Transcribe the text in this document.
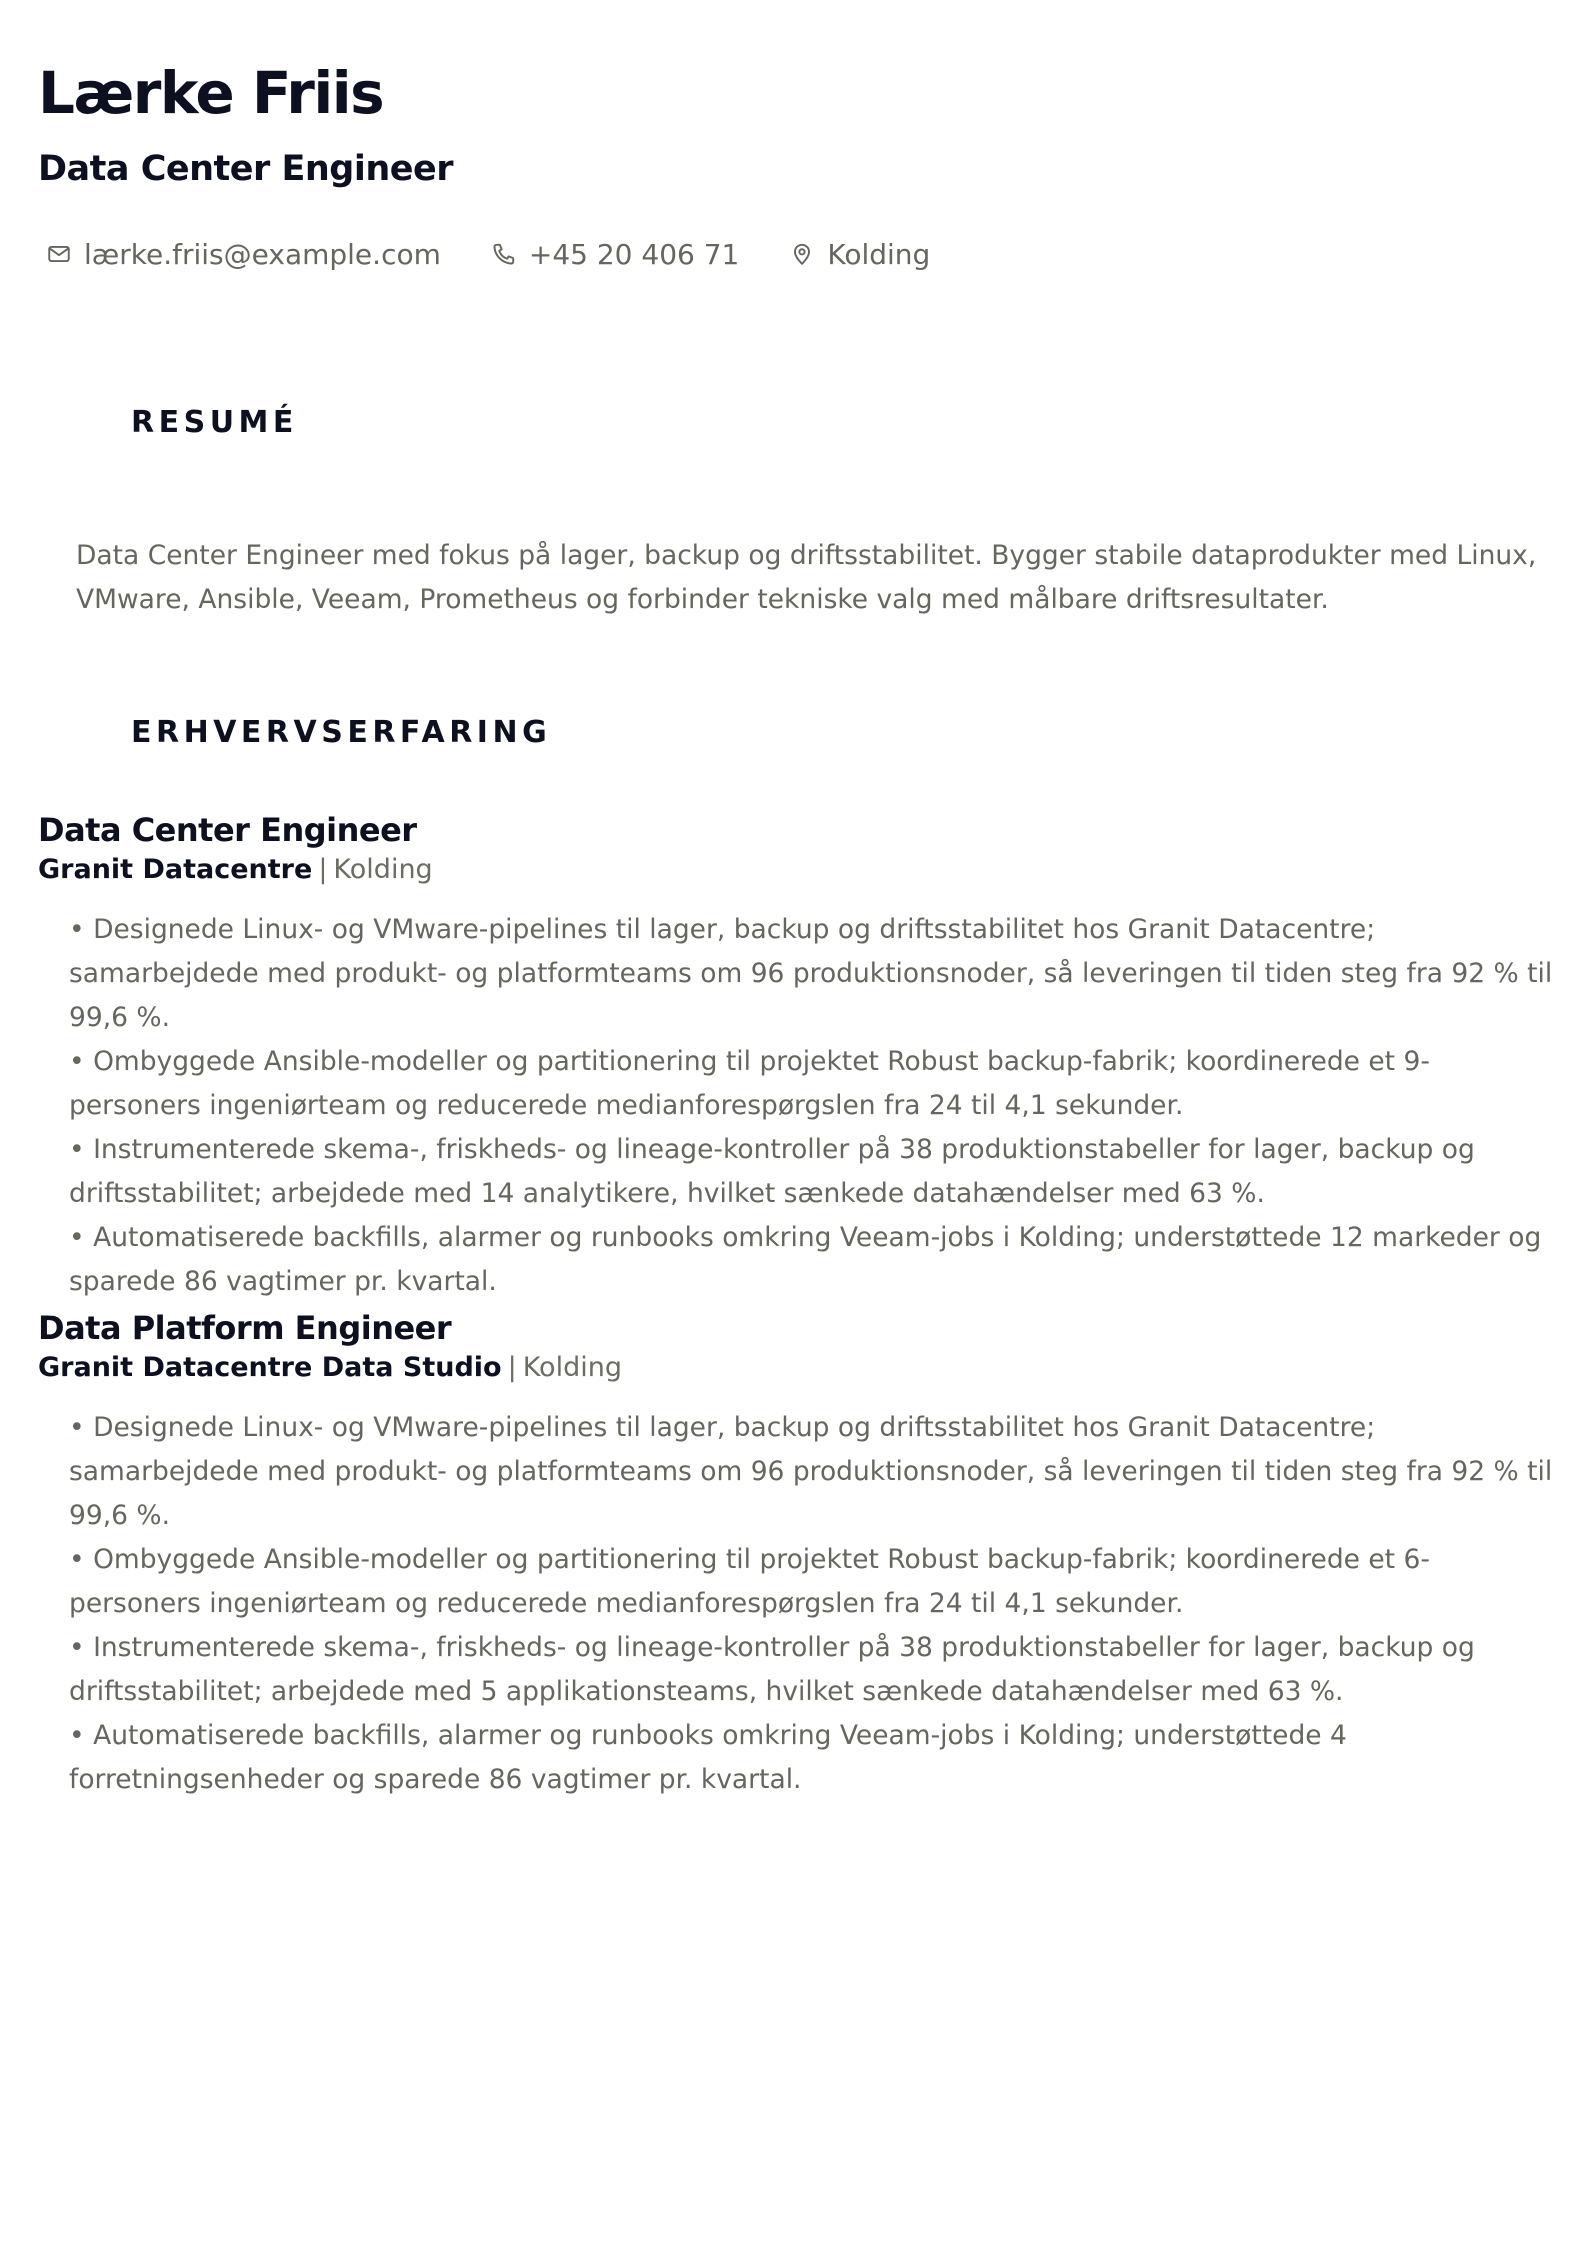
Lærke Friis
Data Center Engineer
lærke.friis@example.com	+45 20 406 71	Kolding
RESUMÉ

Data Center Engineer med fokus på lager, backup og driftsstabilitet. Bygger stabile dataprodukter med Linux, VMware, Ansible, Veeam, Prometheus og forbinder tekniske valg med målbare driftsresultater.

ERHVERVSERFARING
Data Center Engineer
Granit Datacentre | Kolding
• Designede Linux- og VMware-pipelines til lager, backup og driftsstabilitet hos Granit Datacentre; samarbejdede med produkt- og platformteams om 96 produktionsnoder, så leveringen til tiden steg fra 92 % til 99,6 %.
• Ombyggede Ansible-modeller og partitionering til projektet Robust backup-fabrik; koordinerede et 9-personers ingeniørteam og reducerede medianforespørgslen fra 24 til 4,1 sekunder.
• Instrumenterede skema-, friskheds- og lineage-kontroller på 38 produktionstabeller for lager, backup og driftsstabilitet; arbejdede med 14 analytikere, hvilket sænkede datahændelser med 63 %.
• Automatiserede backfills, alarmer og runbooks omkring Veeam-jobs i Kolding; understøttede 12 markeder og sparede 86 vagtimer pr. kvartal.
Data Platform Engineer
Granit Datacentre Data Studio | Kolding
• Designede Linux- og VMware-pipelines til lager, backup og driftsstabilitet hos Granit Datacentre; samarbejdede med produkt- og platformteams om 96 produktionsnoder, så leveringen til tiden steg fra 92 % til 99,6 %.
• Ombyggede Ansible-modeller og partitionering til projektet Robust backup-fabrik; koordinerede et 6-personers ingeniørteam og reducerede medianforespørgslen fra 24 til 4,1 sekunder.
• Instrumenterede skema-, friskheds- og lineage-kontroller på 38 produktionstabeller for lager, backup og driftsstabilitet; arbejdede med 5 applikationsteams, hvilket sænkede datahændelser med 63 %.
• Automatiserede backfills, alarmer og runbooks omkring Veeam-jobs i Kolding; understøttede 4 forretningsenheder og sparede 86 vagtimer pr. kvartal.
